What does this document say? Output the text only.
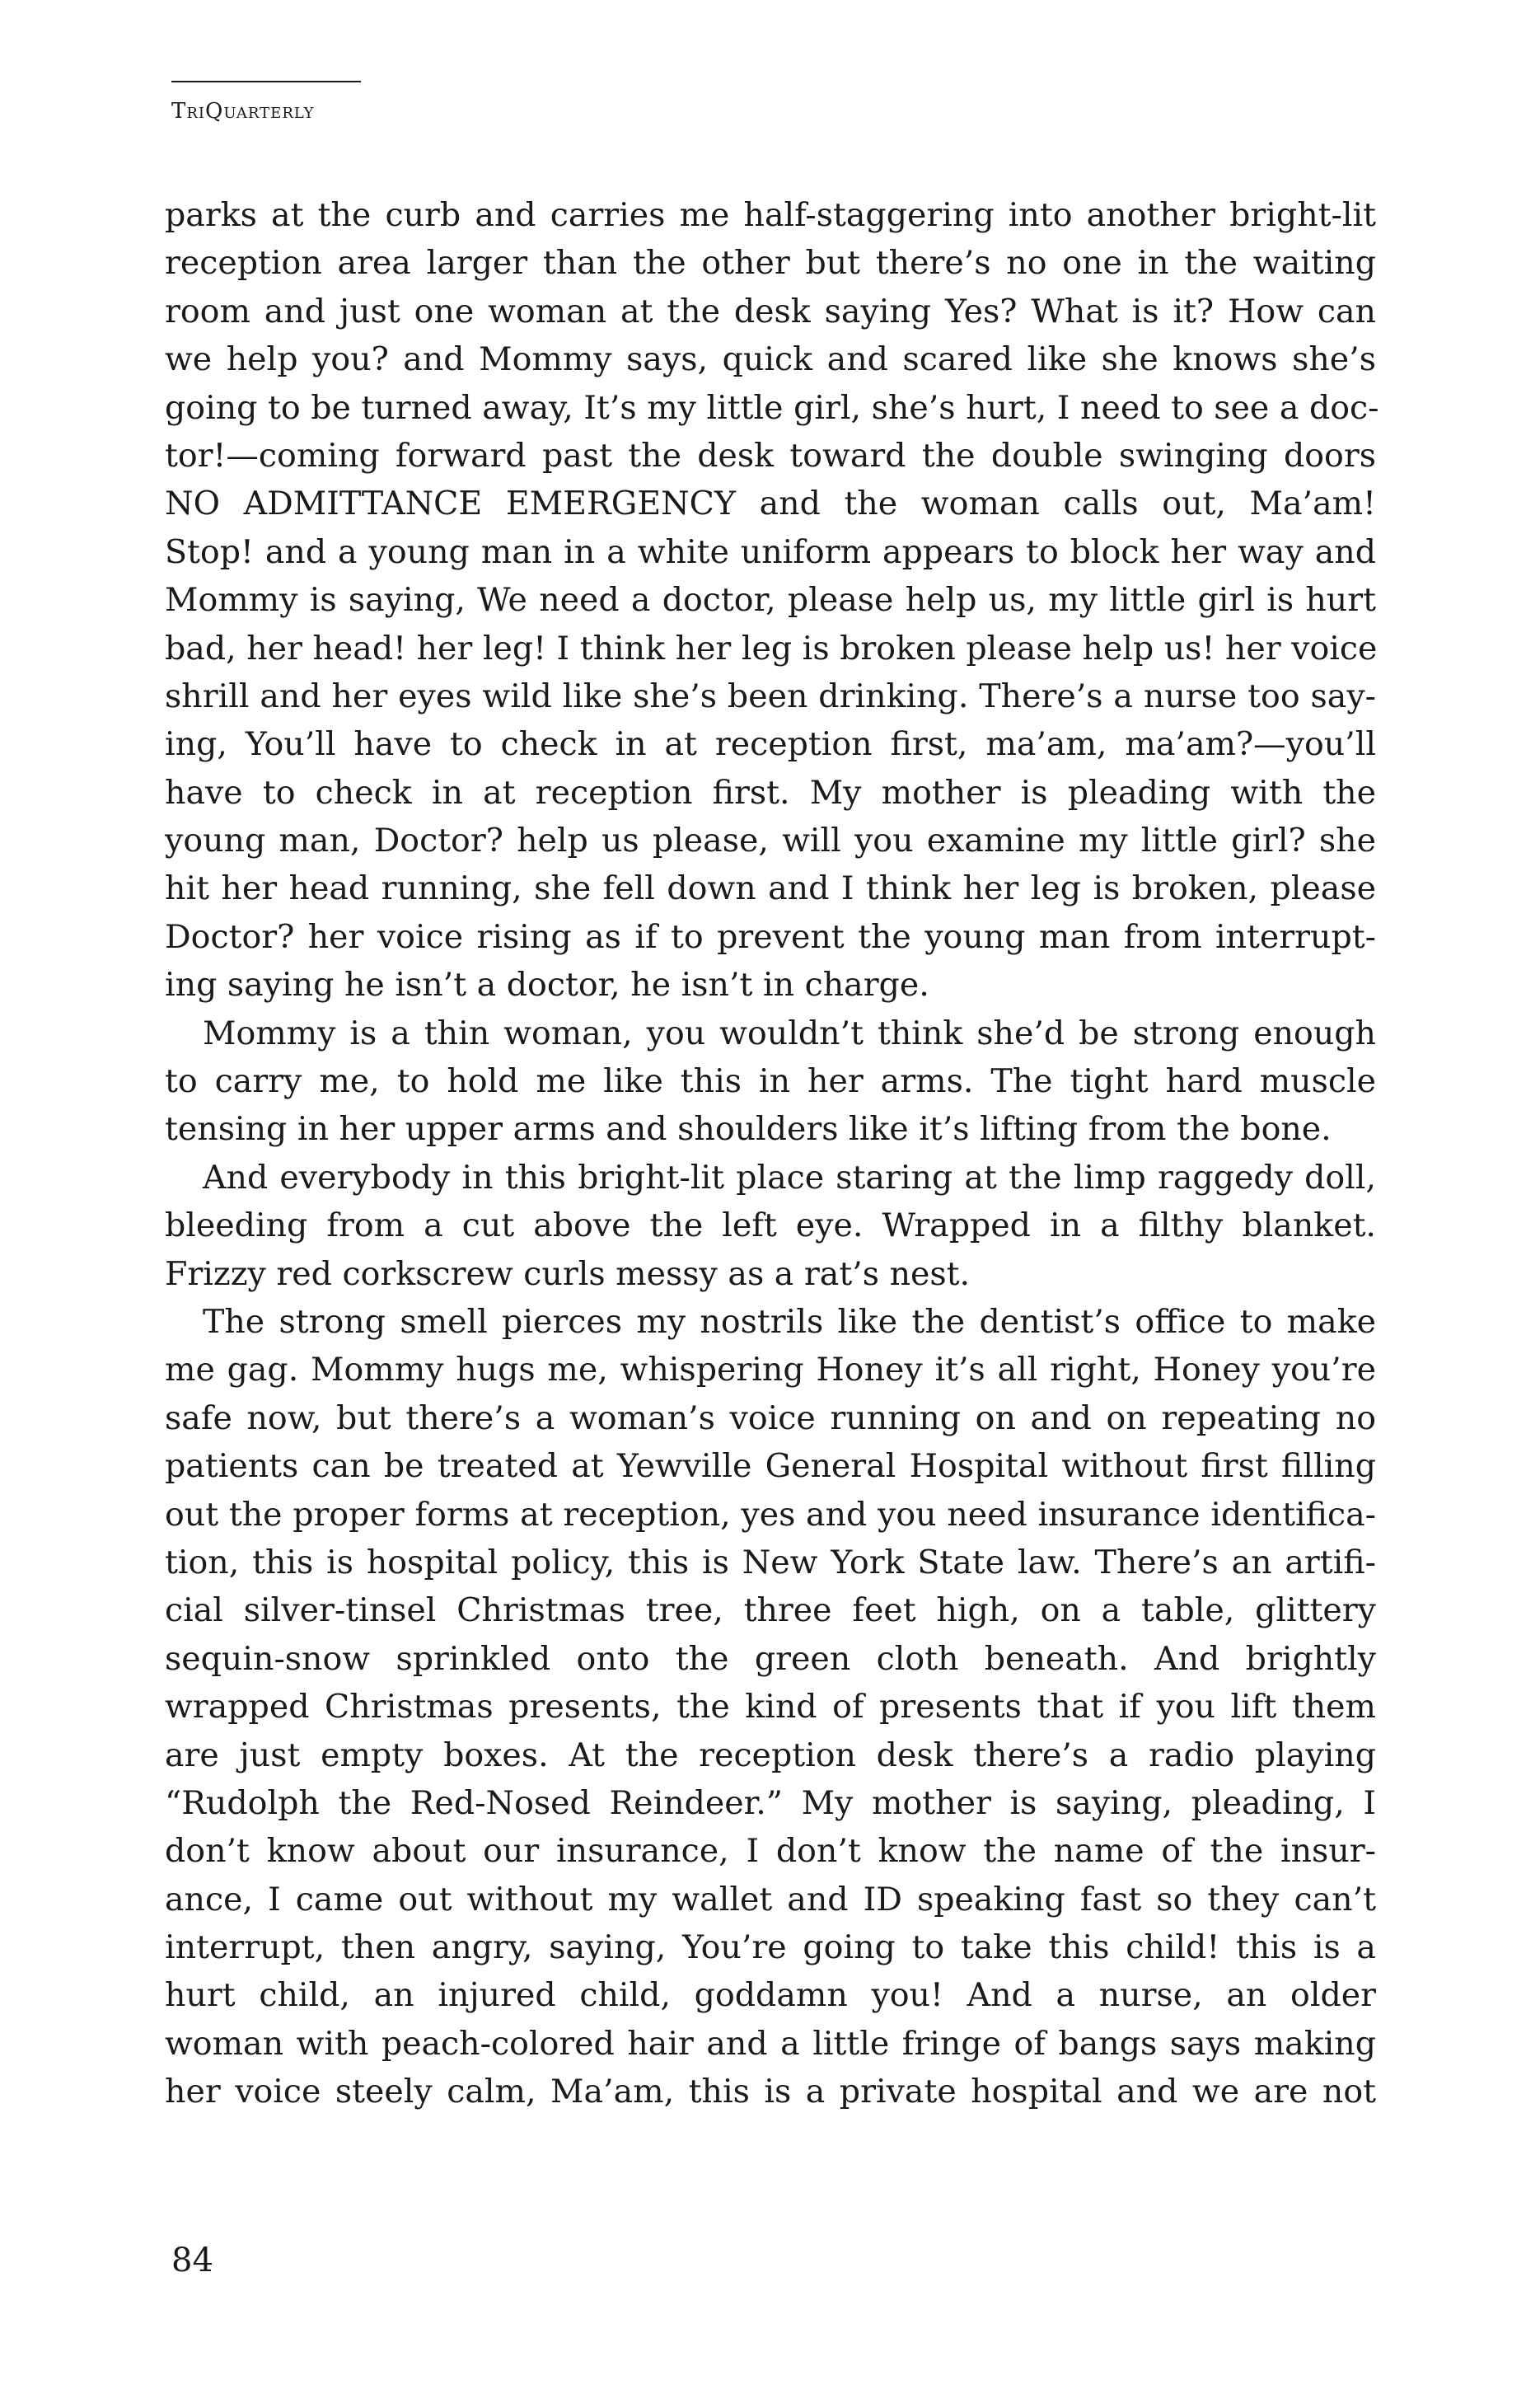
TriQuarterly
parks at the curb and carries me half-staggering into another bright-lit
reception area larger than the other but there’s no one in the waiting
room and just one woman at the desk saying Yes? What is it? How can
we help you? and Mommy says, quick and scared like she knows she’s
going to be turned away, It’s my little girl, she’s hurt, I need to see a doc-
tor!—coming forward past the desk toward the double swinging doors
NO ADMITTANCE EMERGENCY and the woman calls out, Ma’am!
Stop! and a young man in a white uniform appears to block her way and
Mommy is saying, We need a doctor, please help us, my little girl is hurt
bad, her head! her leg! I think her leg is broken please help us! her voice
shrill and her eyes wild like she’s been drinking. There’s a nurse too say-
ing, You’ll have to check in at reception first, ma’am, ma’am?—you’ll
have to check in at reception first. My mother is pleading with the
young man, Doctor? help us please, will you examine my little girl? she
hit her head running, she fell down and I think her leg is broken, please
Doctor? her voice rising as if to prevent the young man from interrupt-
ing saying he isn’t a doctor, he isn’t in charge.
Mommy is a thin woman, you wouldn’t think she’d be strong enough
to carry me, to hold me like this in her arms. The tight hard muscle
tensing in her upper arms and shoulders like it’s lifting from the bone.
And everybody in this bright-lit place staring at the limp raggedy doll,
bleeding from a cut above the left eye. Wrapped in a filthy blanket.
Frizzy red corkscrew curls messy as a rat’s nest.
The strong smell pierces my nostrils like the dentist’s office to make
me gag. Mommy hugs me, whispering Honey it’s all right, Honey you’re
safe now, but there’s a woman’s voice running on and on repeating no
patients can be treated at Yewville General Hospital without first filling
out the proper forms at reception, yes and you need insurance identifica-
tion, this is hospital policy, this is New York State law. There’s an artifi-
cial silver-tinsel Christmas tree, three feet high, on a table, glittery
sequin-snow sprinkled onto the green cloth beneath. And brightly
wrapped Christmas presents, the kind of presents that if you lift them
are just empty boxes. At the reception desk there’s a radio playing
“Rudolph the Red-Nosed Reindeer.” My mother is saying, pleading, I
don’t know about our insurance, I don’t know the name of the insur-
ance, I came out without my wallet and ID speaking fast so they can’t
interrupt, then angry, saying, You’re going to take this child! this is a
hurt child, an injured child, goddamn you! And a nurse, an older
woman with peach-colored hair and a little fringe of bangs says making
her voice steely calm, Ma’am, this is a private hospital and we are not
84
